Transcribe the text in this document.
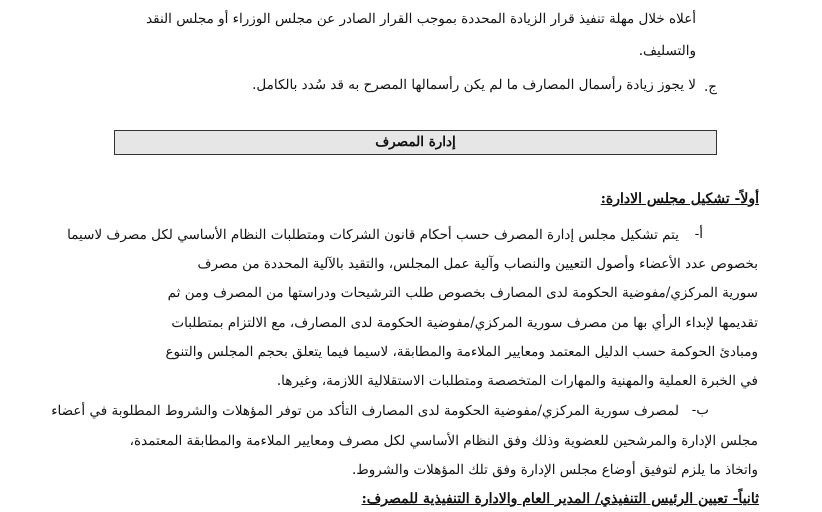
أعلاه خلال مهلة تنفيذ قرار الزيادة المحددة بموجب القرار الصادر عن مجلس الوزراء أو مجلس النقد
والتسليف.
ج.
لا يجوز زيادة رأسمال المصارف ما لم يكن رأسمالها المصرح به قد سُدد بالكامل.
إدارة المصرف
أولاً- تشكيل مجلس الادارة:
أ-
يتم تشكيل مجلس إدارة المصرف حسب أحكام قانون الشركات ومتطلبات النظام الأساسي لكل مصرف لاسيما
بخصوص عدد الأعضاء وأصول التعيين والنصاب وآلية عمل المجلس، والتقيد بالآلية المحددة من مصرف
سورية المركزي/مفوضية الحكومة لدى المصارف بخصوص طلب الترشيحات ودراستها من المصرف ومن ثم
تقديمها لإبداء الرأي بها من مصرف سورية المركزي/مفوضية الحكومة لدى المصارف، مع الالتزام بمتطلبات
ومبادئ الحوكمة حسب الدليل المعتمد ومعايير الملاءمة والمطابقة، لاسيما فيما يتعلق بحجم المجلس والتنوع
في الخبرة العملية والمهنية والمهارات المتخصصة ومتطلبات الاستقلالية اللازمة، وغيرها.
ب-
لمصرف سورية المركزي/مفوضية الحكومة لدى المصارف التأكد من توفر المؤهلات والشروط المطلوبة في أعضاء
مجلس الإدارة والمرشحين للعضوية وذلك وفق النظام الأساسي لكل مصرف ومعايير الملاءمة والمطابقة المعتمدة،
واتخاذ ما يلزم لتوفيق أوضاع مجلس الإدارة وفق تلك المؤهلات والشروط.
ثانياً- تعيين الرئيس التنفيذي/ المدير العام والادارة التنفيذية للمصرف:
